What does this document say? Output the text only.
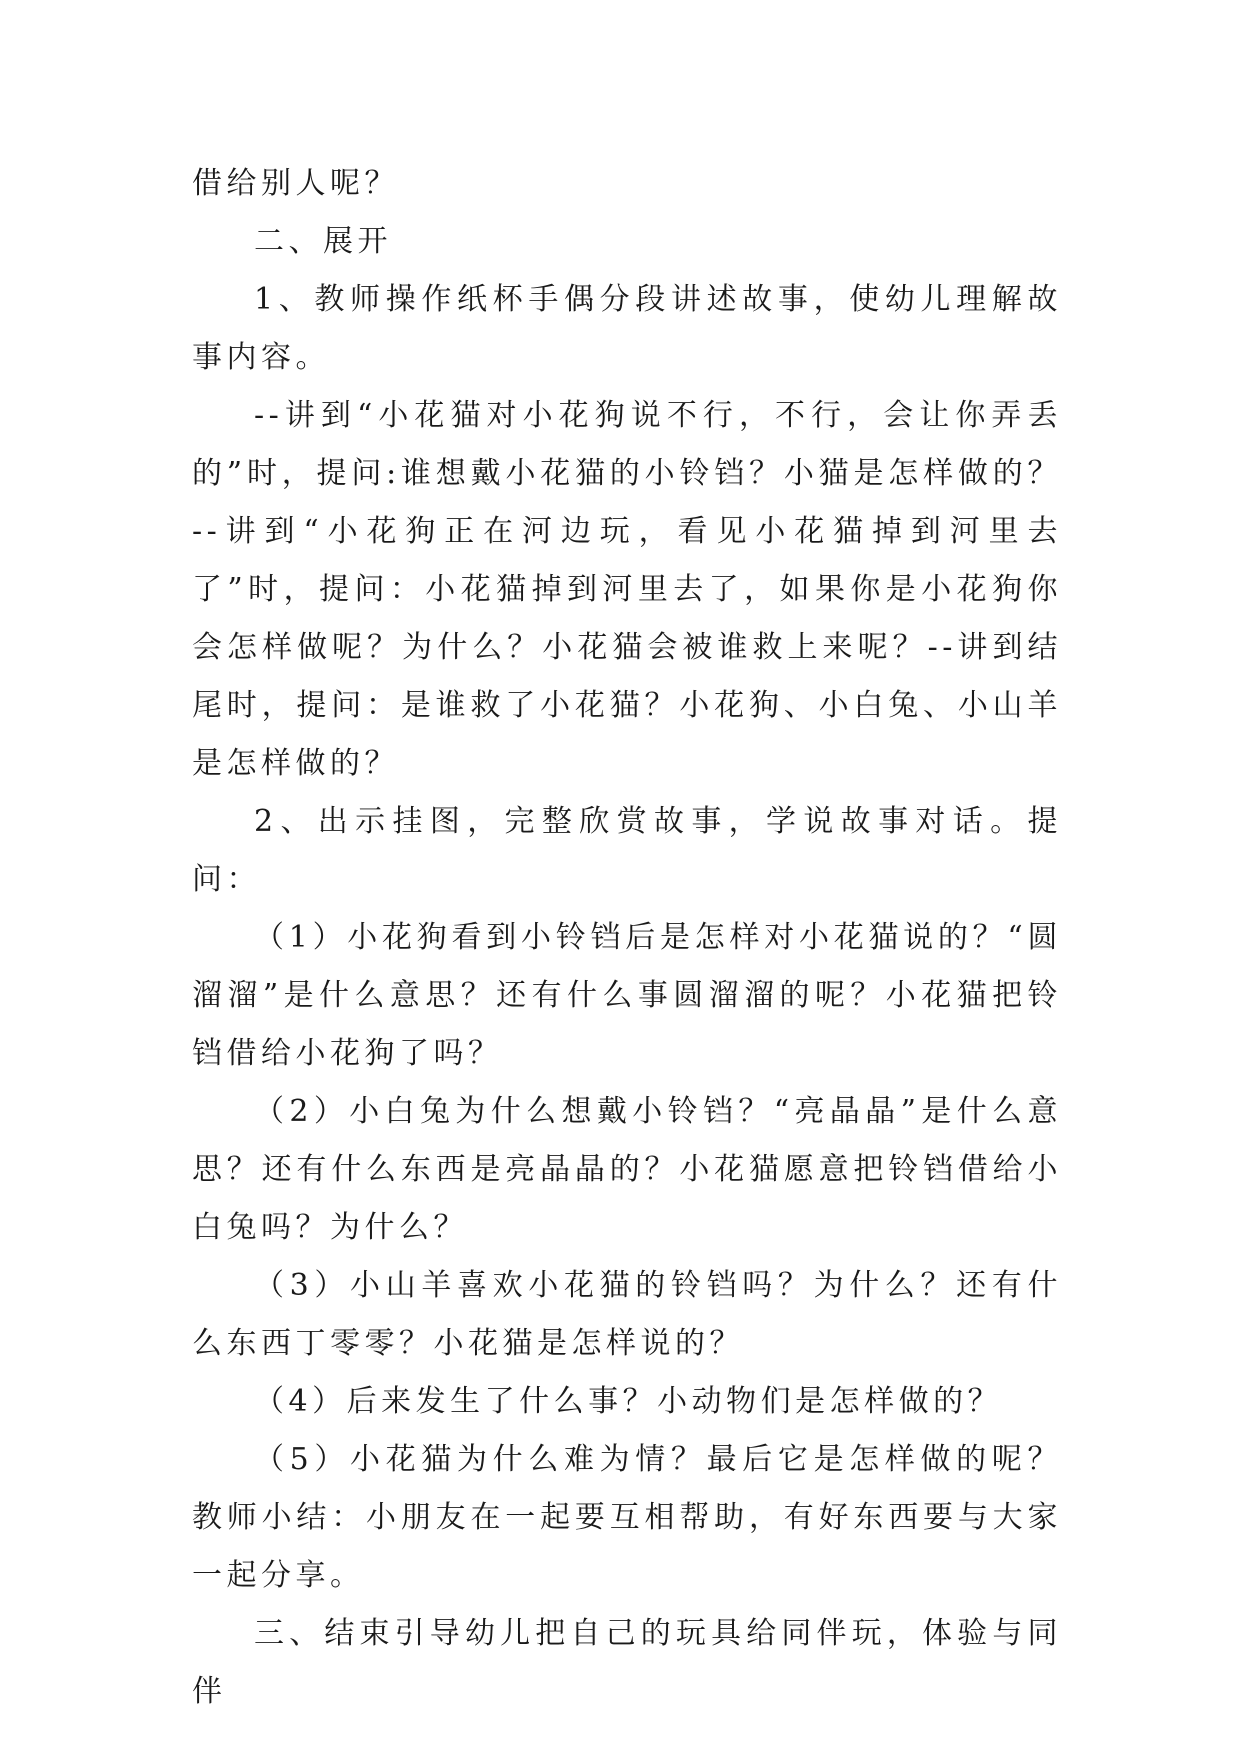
借给别人呢？

二、展开

1、教师操作纸杯手偶分段讲述故事，使幼儿理解故事内容。

--讲到“小花猫对小花狗说不行，不行，会让你弄丢的”时，提问:谁想戴小花猫的小铃铛？小猫是怎样做的？--讲到“小花狗正在河边玩，看见小花猫掉到河里去了”时，提问：小花猫掉到河里去了，如果你是小花狗你会怎样做呢？为什么？小花猫会被谁救上来呢？--讲到结尾时，提问：是谁救了小花猫？小花狗、小白兔、小山羊是怎样做的？

2、出示挂图，完整欣赏故事，学说故事对话。提问：

（1）小花狗看到小铃铛后是怎样对小花猫说的？“圆溜溜”是什么意思？还有什么事圆溜溜的呢？小花猫把铃铛借给小花狗了吗？

（2）小白兔为什么想戴小铃铛？“亮晶晶”是什么意思？还有什么东西是亮晶晶的？小花猫愿意把铃铛借给小白兔吗？为什么？

（3）小山羊喜欢小花猫的铃铛吗？为什么？还有什么东西丁零零？小花猫是怎样说的？

（4）后来发生了什么事？小动物们是怎样做的？

（5）小花猫为什么难为情？最后它是怎样做的呢？教师小结：小朋友在一起要互相帮助，有好东西要与大家一起分享。

三、结束引导幼儿把自己的玩具给同伴玩，体验与同伴
